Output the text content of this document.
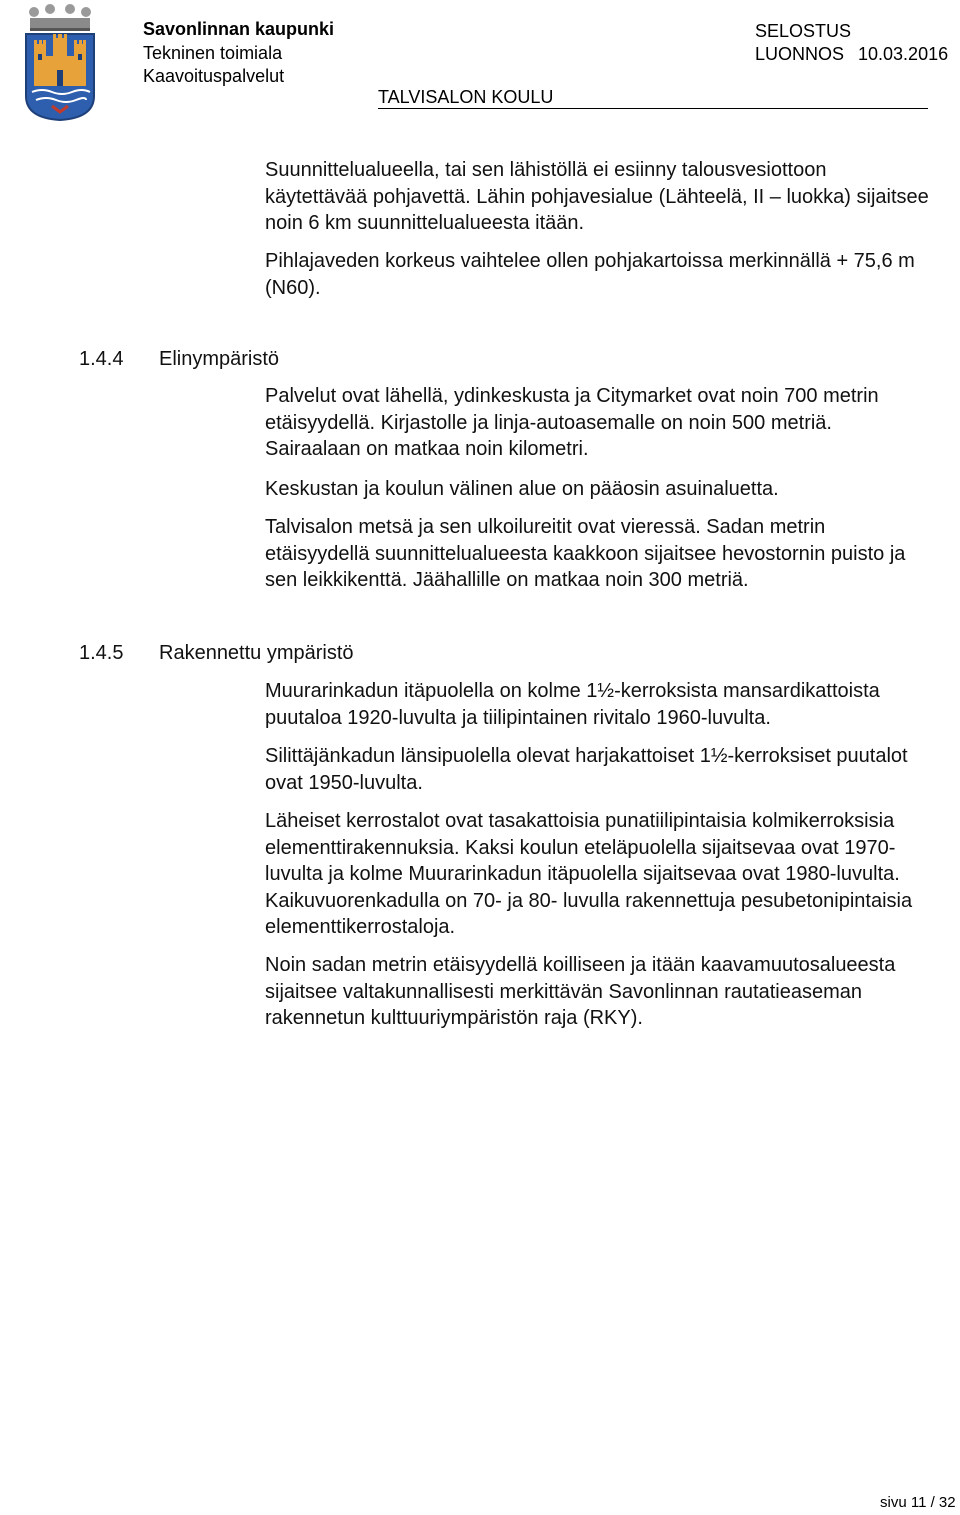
Savonlinnan kaupunki
Tekninen toimiala
Kaavoituspalvelut
SELOSTUS
LUONNOS 10.03.2016
TALVISALON KOULU

Suunnittelualueella, tai sen lähistöllä ei esiinny talousvesiottoon käytettävää pohjavettä. Lähin pohjavesialue (Lähteelä, II – luokka) sijaitsee noin 6 km suunnittelualueesta itään.

Pihlajaveden korkeus vaihtelee ollen pohjakartoissa merkinnällä + 75,6 m (N60).

1.4.4 Elinympäristö

Palvelut ovat lähellä, ydinkeskusta ja Citymarket ovat noin 700 metrin etäisyydellä. Kirjastolle ja linja-autoasemalle on noin 500 metriä. Sairaalaan on matkaa noin kilometri.

Keskustan ja koulun välinen alue on pääosin asuinaluetta.

Talvisalon metsä ja sen ulkoilureitit ovat vieressä. Sadan metrin etäisyydellä suunnittelualueesta kaakkoon sijaitsee hevostornin puisto ja sen leikkikenttä. Jäähallille on matkaa noin 300 metriä.

1.4.5 Rakennettu ympäristö

Muurarinkadun itäpuolella on kolme 1½-kerroksista mansardikattoista puutaloa 1920-luvulta ja tiilipintainen rivitalo 1960-luvulta.

Silittäjänkadun länsipuolella olevat harjakattoiset 1½-kerroksiset puutalot ovat 1950-luvulta.

Läheiset kerrostalot ovat tasakattoisia punatiilipintaisia kolmikerroksisia elementtirakennuksia. Kaksi koulun eteläpuolella sijaitsevaa ovat 1970-luvulta ja kolme Muurarinkadun itäpuolella sijaitsevaa ovat 1980-luvulta. Kaikuvuorenkadulla on 70- ja 80- luvulla rakennettuja pesubetonipintaisia elementtikerrostaloja.

Noin sadan metrin etäisyydellä koilliseen ja itään kaavamuutosalueesta sijaitsee valtakunnallisesti merkittävän Savonlinnan rautatieaseman rakennetun kulttuuriympäristön raja (RKY).

sivu 11 / 32
